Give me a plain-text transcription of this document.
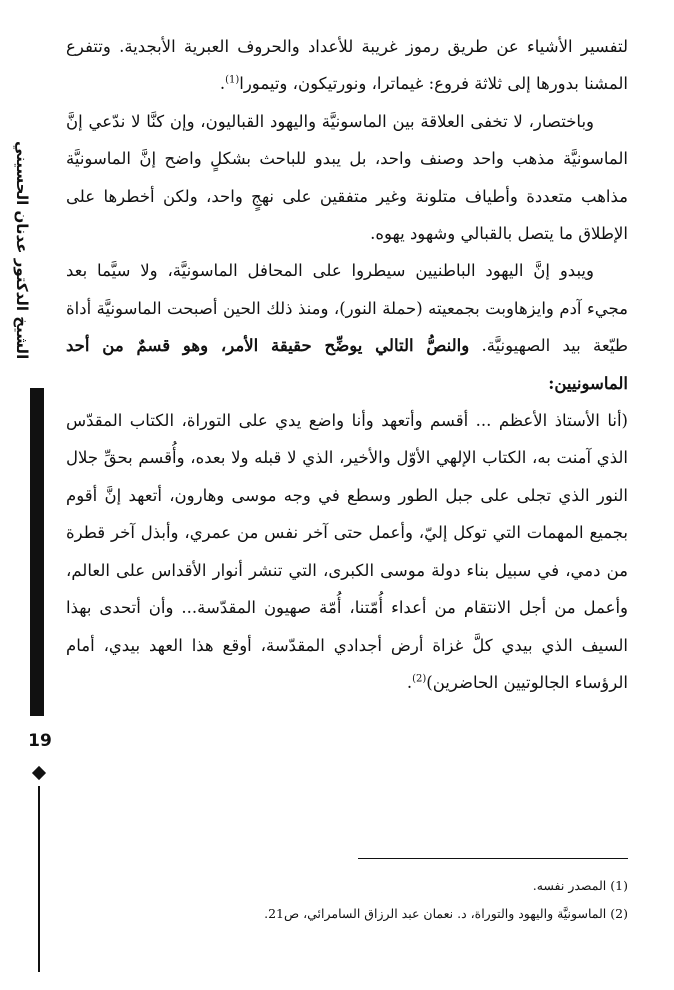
الشيخ الدكتور عدنان الحسيني
19

لتفسير الأشياء عن طريق رموز غريبة للأعداد والحروف العبرية الأبجدية. وتتفرع المشنا بدورها إلى ثلاثة فروع: غيماترا، ونورتيكون، وتيمورا$^{(1)}$.

وباختصار، لا تخفى العلاقة بين الماسونيَّة واليهود القباليون، وإن كنَّا لا ندّعي إنَّ الماسونيَّة مذهب واحد وصنف واحد، بل يبدو للباحث بشكلٍ واضح إنَّ الماسونيَّة مذاهب متعددة وأطياف متلونة وغير متفقين على نهجٍ واحد، ولكن أخطرها على الإطلاق ما يتصل بالقبالي وشهود يهوه.

ويبدو إنَّ اليهود الباطنيين سيطروا على المحافل الماسونيَّة، ولا سيَّما بعد مجيء آدم وايزهاوبت بجمعيته (حملة النور)، ومنذ ذلك الحين أصبحت الماسونيَّة أداة طيّعة بيد الصهيونيَّة. والنصُّ التالي يوضِّح حقيقة الأمر، وهو قسمٌ من أحد الماسونيين:

(أنا الأستاذ الأعظم ... أقسم وأتعهد وأنا واضع يدي على التوراة، الكتاب المقدّس الذي آمنت به، الكتاب الإلهي الأوّل والأخير، الذي لا قبله ولا بعده، وأُقسم بحقِّ جلال النور الذي تجلى على جبل الطور وسطع في وجه موسى وهارون، أتعهد إنَّ أقوم بجميع المهمات التي توكل إليّ، وأعمل حتى آخر نفس من عمري، وأبذل آخر قطرة من دمي، في سبيل بناء دولة موسى الكبرى، التي تنشر أنوار الأقداس على العالم، وأعمل من أجل الانتقام من أعداء أُمّتنا، أُمّة صهيون المقدّسة... وأن أتحدى بهذا السيف الذي بيدي كلَّ غزاة أرض أجدادي المقدّسة، أوقع هذا العهد بيدي، أمام الرؤساء الجالوتيين الحاضرين)$^{(2)}$.

(1) المصدر نفسه.

(2) الماسونيَّة واليهود والتوراة، د. نعمان عبد الرزاق السامرائي، ص21.
